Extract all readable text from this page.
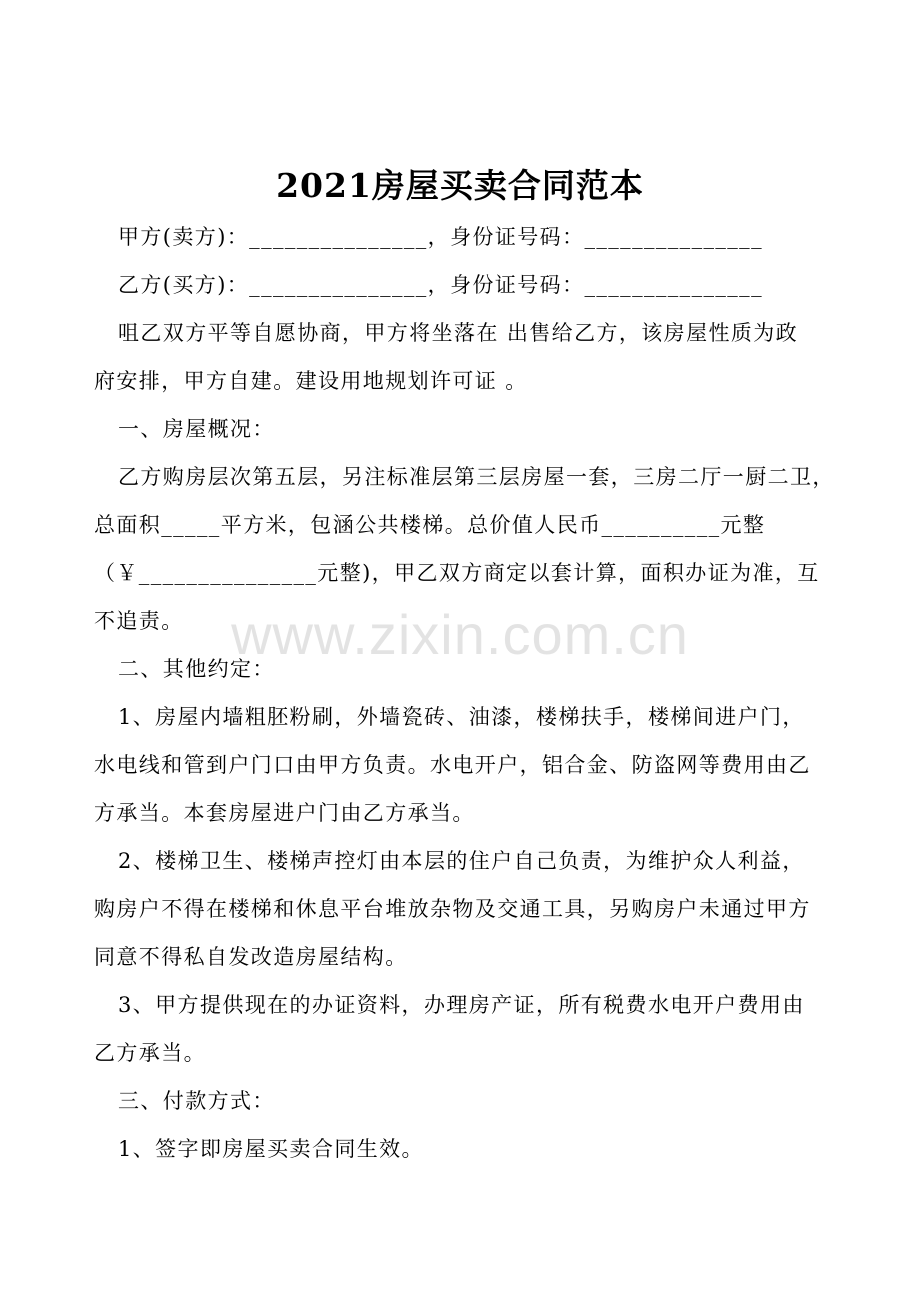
2021房屋买卖合同范本
甲方(卖方)：_______________，身份证号码：_______________
乙方(买方)：_______________，身份证号码：_______________
咀乙双方平等自愿协商，甲方将坐落在 出售给乙方，该房屋性质为政
府安排，甲方自建。建设用地规划许可证 。
一、房屋概况：
乙方购房层次第五层，另注标准层第三层房屋一套，三房二厅一厨二卫，
总面积_____平方米，包涵公共楼梯。总价值人民币__________元整
（￥_______________元整)，甲乙双方商定以套计算，面积办证为准，互
不追责。
二、其他约定：
1、房屋内墙粗胚粉刷，外墙瓷砖、油漆，楼梯扶手，楼梯间进户门，
水电线和管到户门口由甲方负责。水电开户，铝合金、防盗网等费用由乙
方承当。本套房屋进户门由乙方承当。
2、楼梯卫生、楼梯声控灯由本层的住户自己负责，为维护众人利益，
购房户不得在楼梯和休息平台堆放杂物及交通工具，另购房户未通过甲方
同意不得私自发改造房屋结构。
3、甲方提供现在的办证资料，办理房产证，所有税费水电开户费用由
乙方承当。
三、付款方式：
1、签字即房屋买卖合同生效。
www.zixin.com.cn
